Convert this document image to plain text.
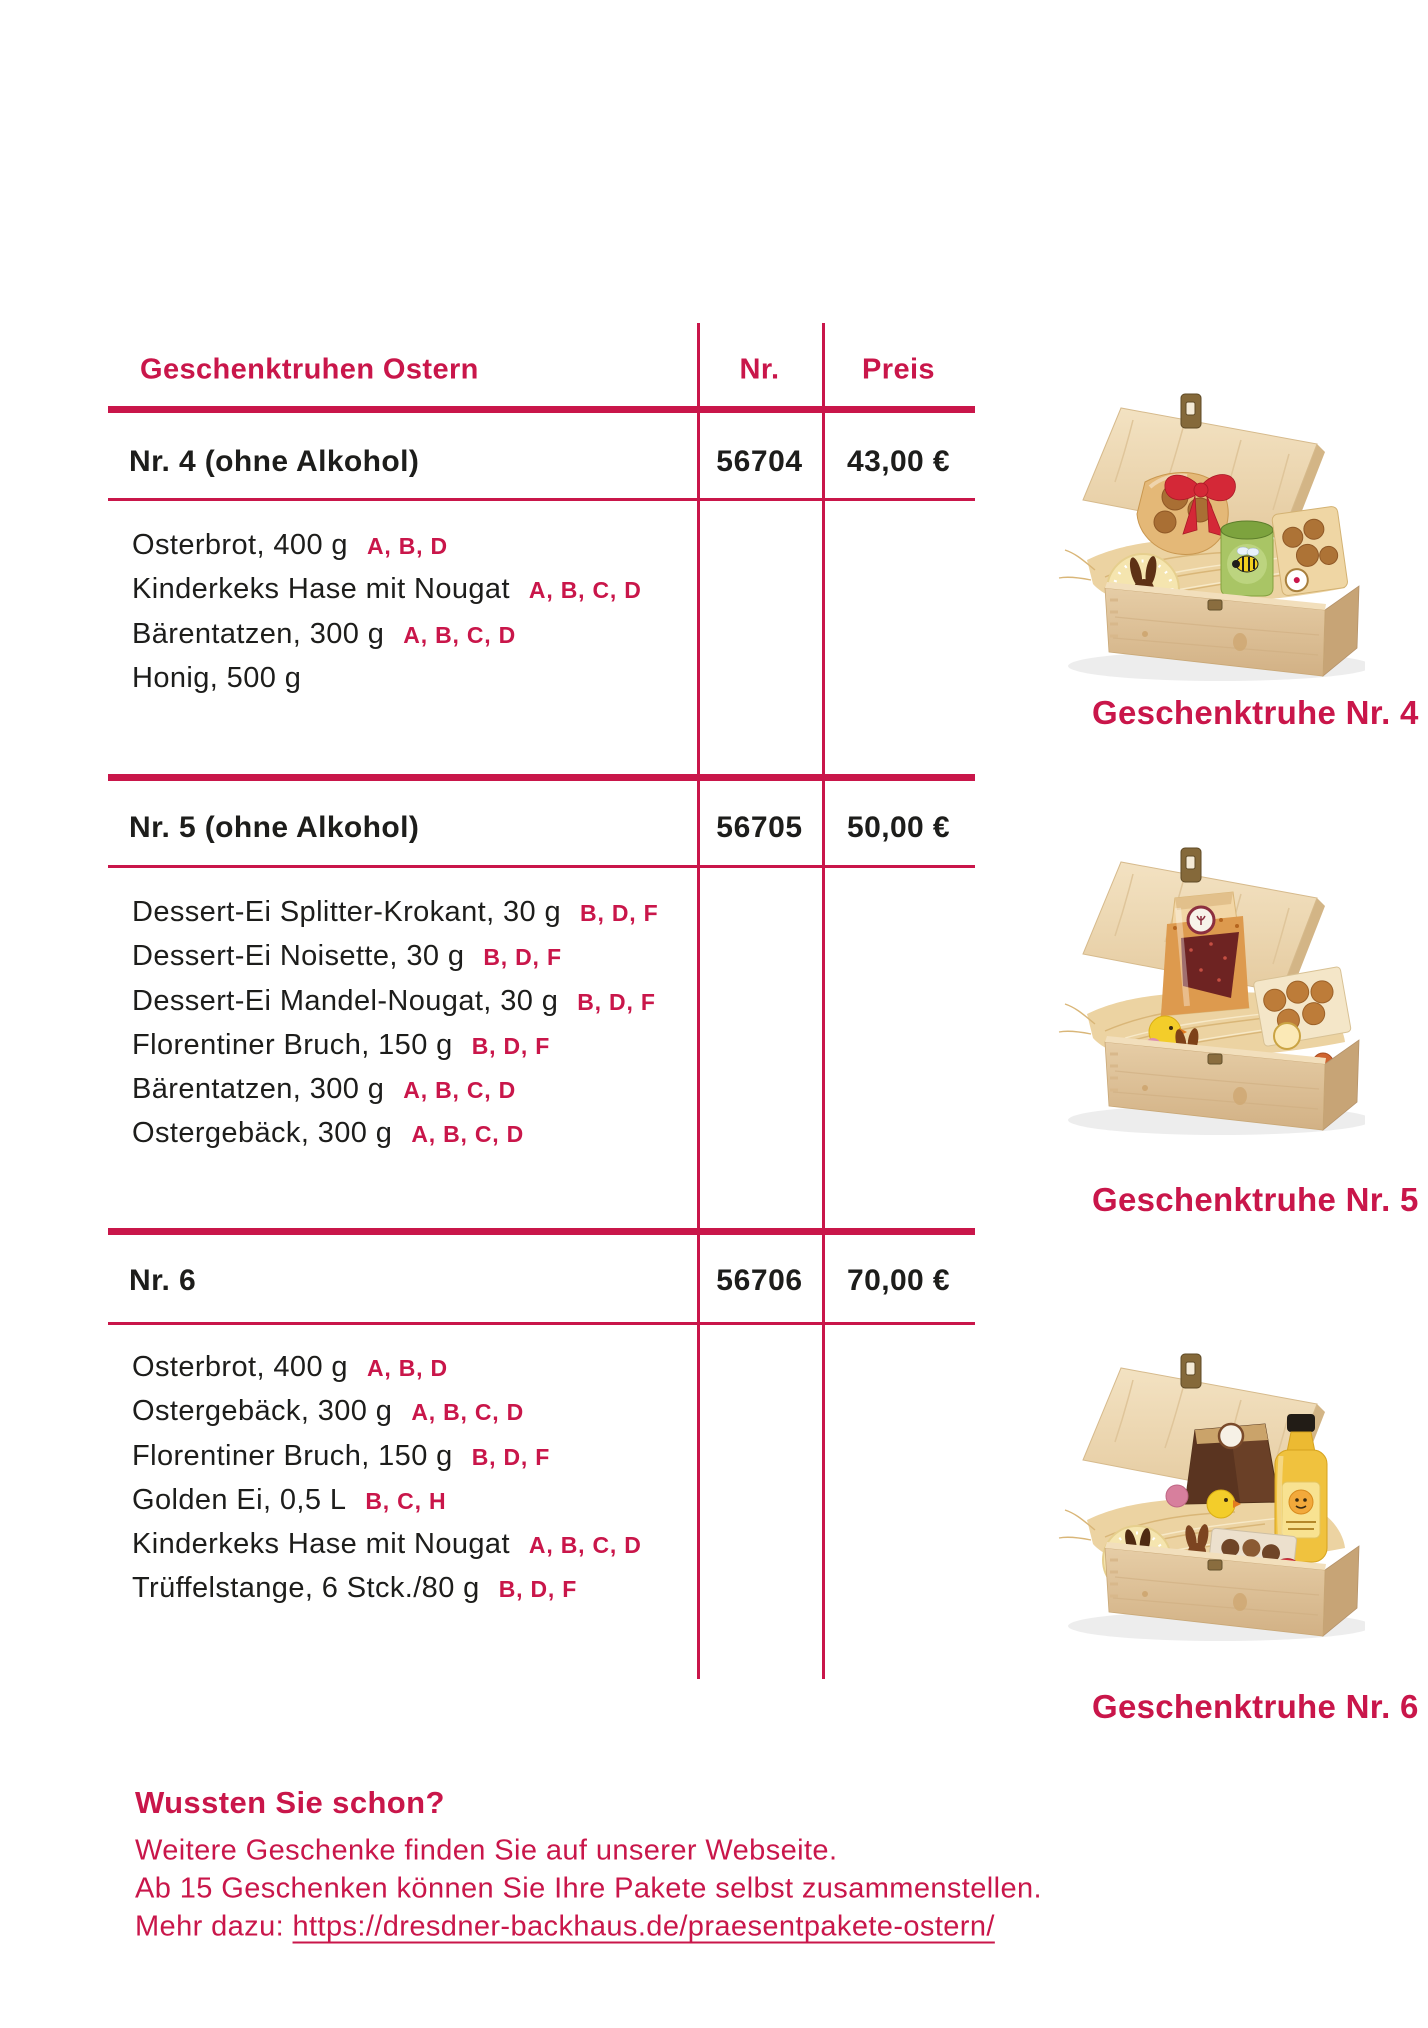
Geschenktruhen Ostern	Nr.	Preis
Nr. 4 (ohne Alkohol)	56704	43,00 €
Osterbrot, 400 g A, B, D
Kinderkeks Hase mit Nougat A, B, C, D
Bärentatzen, 300 g A, B, C, D
Honig, 500 g
Nr. 5 (ohne Alkohol)	56705	50,00 €
Dessert-Ei Splitter-Krokant, 30 g B, D, F
Dessert-Ei Noisette, 30 g B, D, F
Dessert-Ei Mandel-Nougat, 30 g B, D, F
Florentiner Bruch, 150 g B, D, F
Bärentatzen, 300 g A, B, C, D
Ostergebäck, 300 g A, B, C, D
Nr. 6	56706	70,00 €
Osterbrot, 400 g A, B, D
Ostergebäck, 300 g A, B, C, D
Florentiner Bruch, 150 g B, D, F
Golden Ei, 0,5 L B, C, H
Kinderkeks Hase mit Nougat A, B, C, D
Trüffelstange, 6 Stck./80 g B, D, F
Geschenktruhe Nr. 4
Geschenktruhe Nr. 5
Geschenktruhe Nr. 6
Wussten Sie schon?
Weitere Geschenke finden Sie auf unserer Webseite.
Ab 15 Geschenken können Sie Ihre Pakete selbst zusammenstellen.
Mehr dazu: https://dresdner-backhaus.de/praesentpakete-ostern/
